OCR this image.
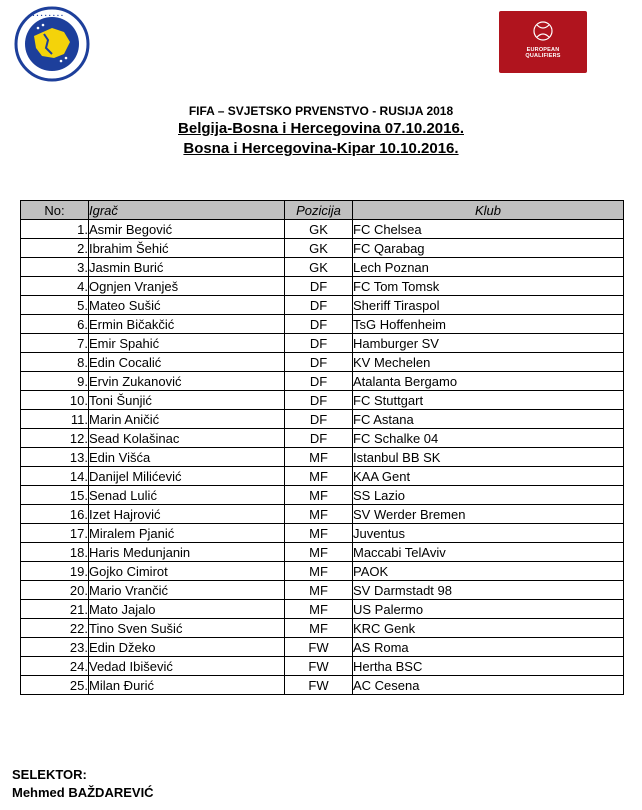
• • • • • • • • •
EUROPEAN
QUALIFIERS
FIFA – SVJETSKO PRVENSTVO - RUSIJA 2018
Belgija-Bosna i Hercegovina 07.10.2016.
Bosna i Hercegovina-Kipar 10.10.2016.
No:	Igrač	Pozicija	Klub
1.	Asmir Begović	GK	FC Chelsea
2.	Ibrahim Šehić	GK	FC Qarabag
3.	Jasmin Burić	GK	Lech Poznan
4.	Ognjen Vranješ	DF	FC Tom Tomsk
5.	Mateo Sušić	DF	Sheriff Tiraspol
6.	Ermin Bičakčić	DF	TsG Hoffenheim
7.	Emir Spahić	DF	Hamburger SV
8.	Edin Cocalić	DF	KV Mechelen
9.	Ervin Zukanović	DF	Atalanta Bergamo
10.	Toni Šunjić	DF	FC Stuttgart
11.	Marin Aničić	DF	FC Astana
12.	Sead Kolašinac	DF	FC Schalke 04
13.	Edin Višća	MF	Istanbul BB SK
14.	Danijel Milićević	MF	KAA Gent
15.	Senad Lulić	MF	SS Lazio
16.	Izet Hajrović	MF	SV Werder Bremen
17.	Miralem Pjanić	MF	Juventus
18.	Haris Medunjanin	MF	Maccabi TelAviv
19.	Gojko Cimirot	MF	PAOK
20.	Mario Vrančić	MF	SV Darmstadt 98
21.	Mato Jajalo	MF	US Palermo
22.	Tino Sven Sušić	MF	KRC Genk
23.	Edin Džeko	FW	AS Roma
24.	Vedad Ibišević	FW	Hertha BSC
25.	Milan Đurić	FW	AC Cesena
SELEKTOR:
Mehmed BAŽDAREVIĆ
